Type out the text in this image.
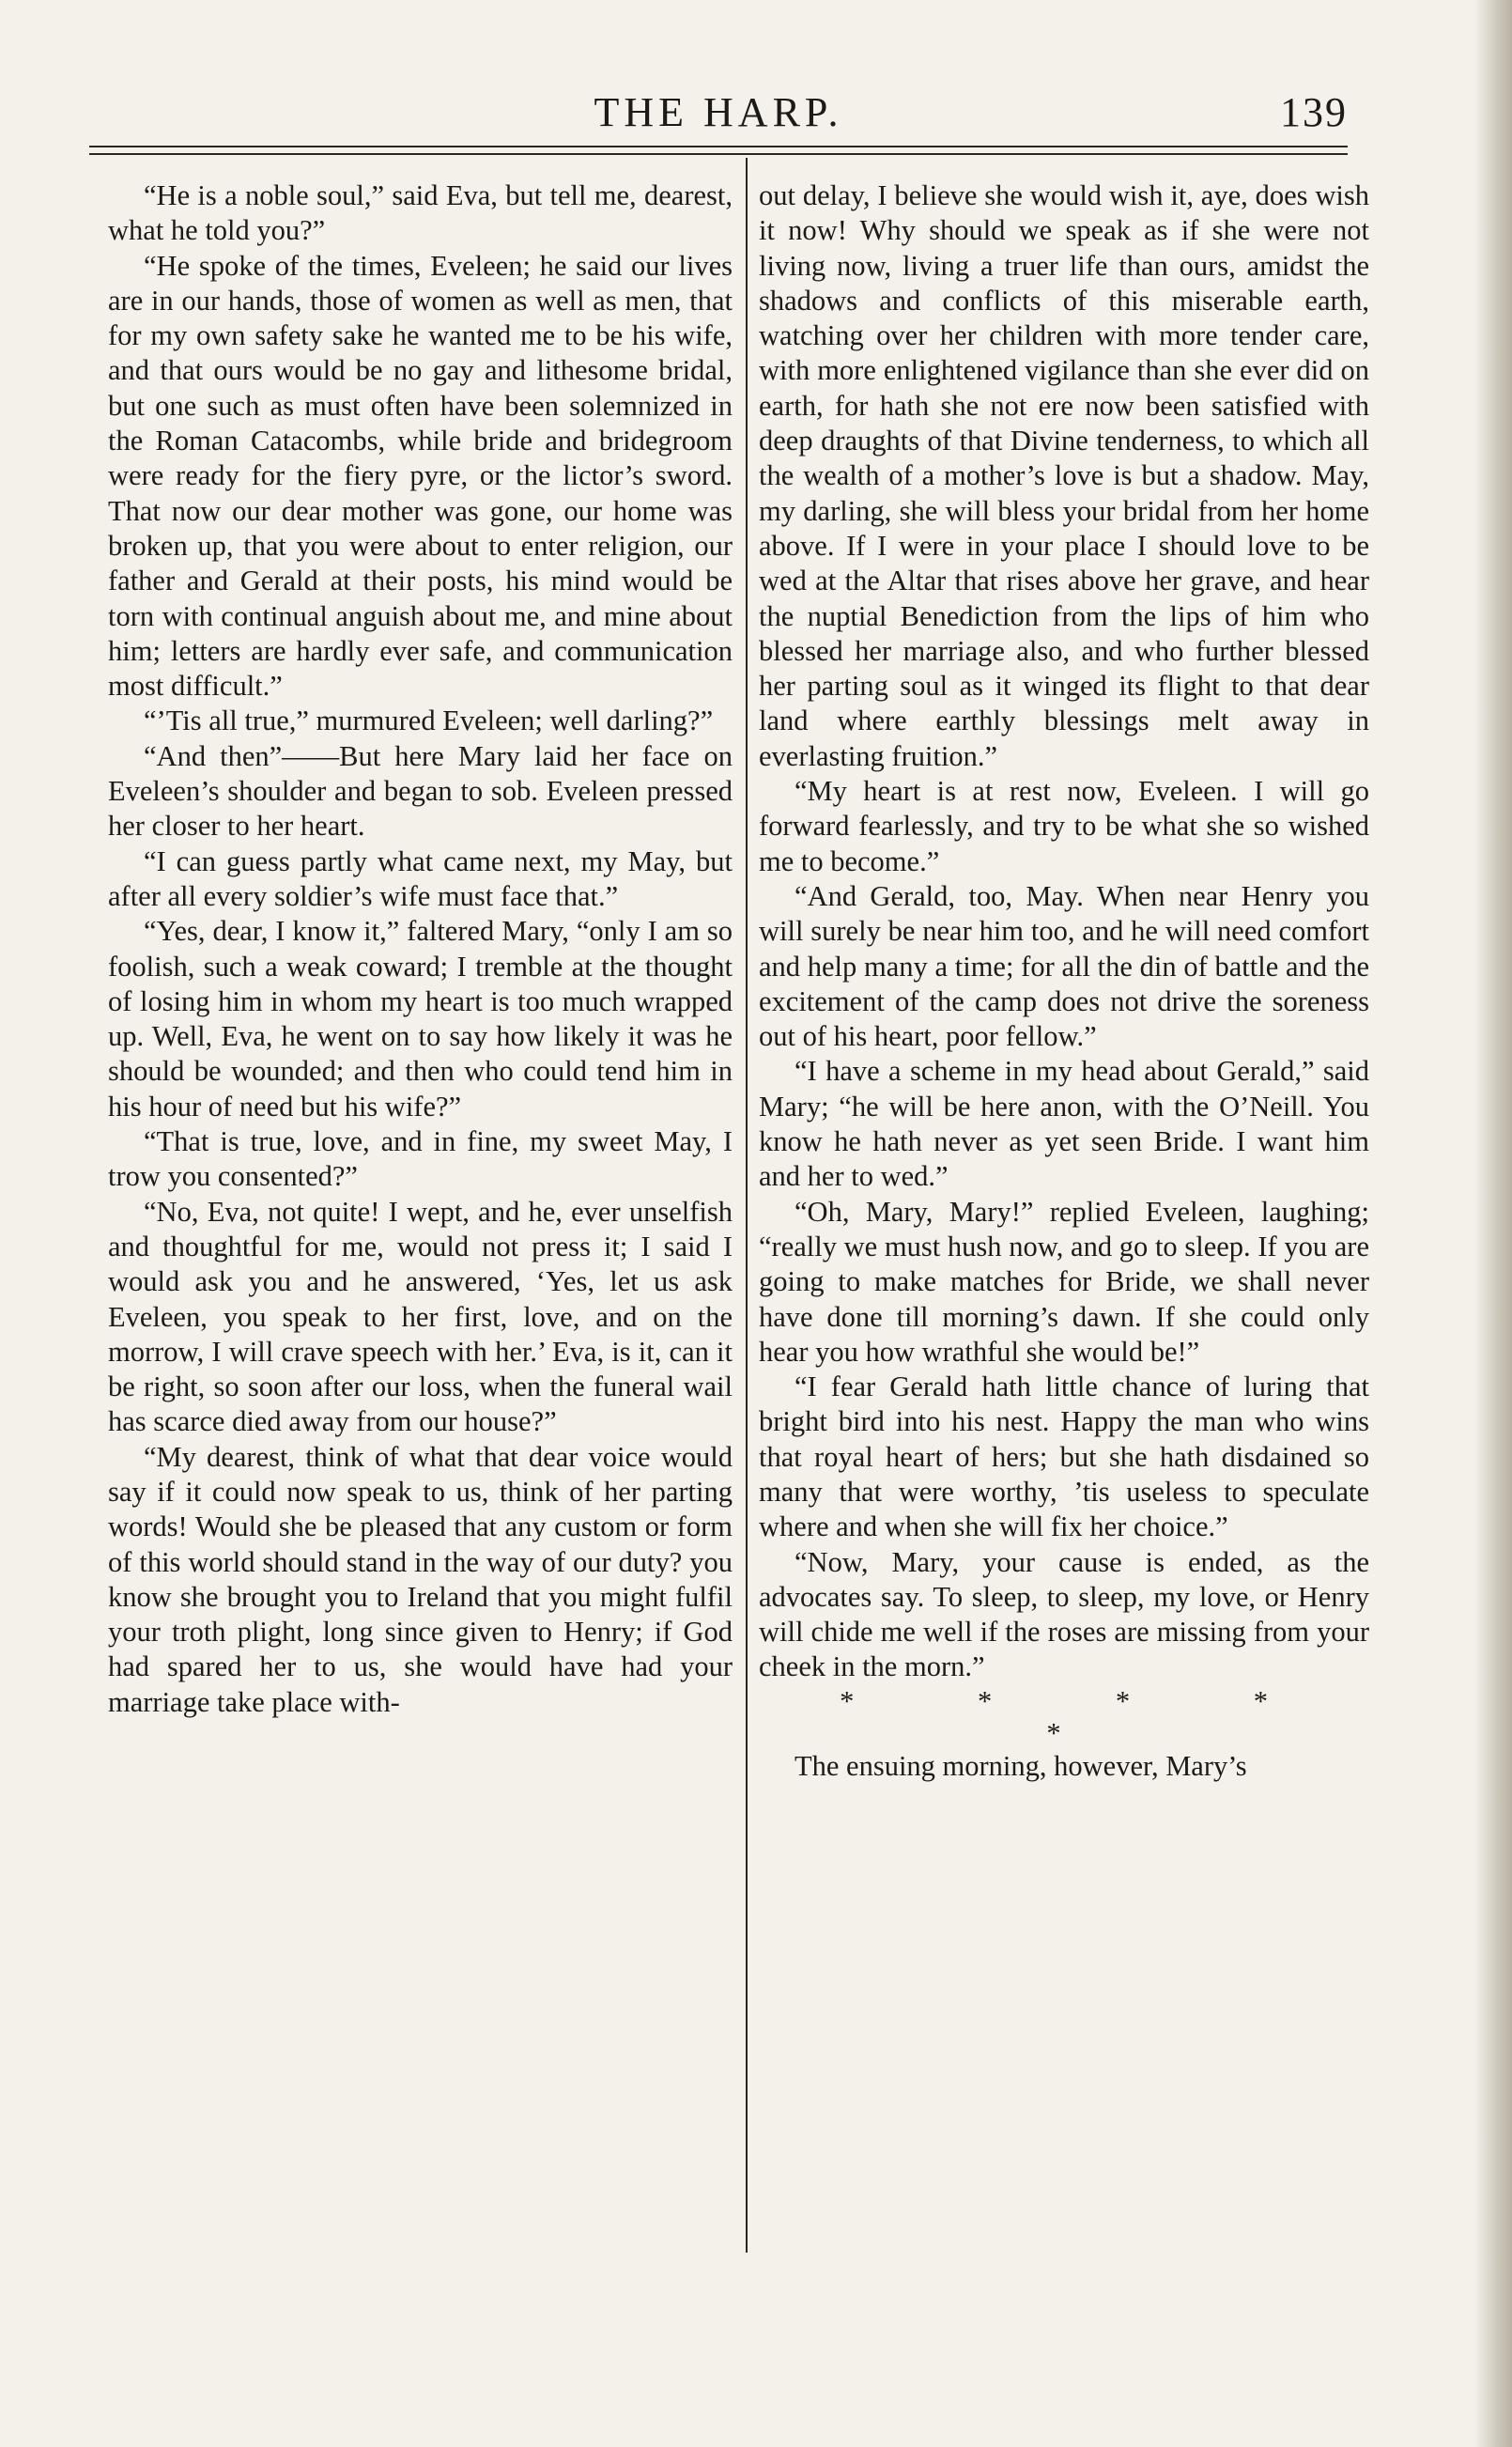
THE HARP.	139

“He is a noble soul,” said Eva, but tell me, dearest, what he told you?”

“He spoke of the times, Eveleen; he said our lives are in our hands, those of women as well as men, that for my own safety sake he wanted me to be his wife, and that ours would be no gay and lithesome bridal, but one such as must often have been solemnized in the Roman Catacombs, while bride and bridegroom were ready for the fiery pyre, or the lictor’s sword. That now our dear mother was gone, our home was broken up, that you were about to enter religion, our father and Gerald at their posts, his mind would be torn with continual anguish about me, and mine about him; letters are hardly ever safe, and communication most difficult.”

“’Tis all true,” murmured Eveleen; well darling?”

“And then”——But here Mary laid her face on Eveleen’s shoulder and began to sob. Eveleen pressed her closer to her heart.

“I can guess partly what came next, my May, but after all every soldier’s wife must face that.”

“Yes, dear, I know it,” faltered Mary, “only I am so foolish, such a weak coward; I tremble at the thought of losing him in whom my heart is too much wrapped up. Well, Eva, he went on to say how likely it was he should be wounded; and then who could tend him in his hour of need but his wife?”

“That is true, love, and in fine, my sweet May, I trow you consented?”

“No, Eva, not quite! I wept, and he, ever unselfish and thoughtful for me, would not press it; I said I would ask you and he answered, ‘Yes, let us ask Eveleen, you speak to her first, love, and on the morrow, I will crave speech with her.’ Eva, is it, can it be right, so soon after our loss, when the funeral wail has scarce died away from our house?”

“My dearest, think of what that dear voice would say if it could now speak to us, think of her parting words! Would she be pleased that any custom or form of this world should stand in the way of our duty? you know she brought you to Ireland that you might fulfil your troth plight, long since given to Henry; if God had spared her to us, she would have had your marriage take place with-

out delay, I believe she would wish it, aye, does wish it now! Why should we speak as if she were not living now, living a truer life than ours, amidst the shadows and conflicts of this miserable earth, watching over her children with more tender care, with more enlightened vigilance than she ever did on earth, for hath she not ere now been satisfied with deep draughts of that Divine tenderness, to which all the wealth of a mother’s love is but a shadow. May, my darling, she will bless your bridal from her home above. If I were in your place I should love to be wed at the Altar that rises above her grave, and hear the nuptial Benediction from the lips of him who blessed her marriage also, and who further blessed her parting soul as it winged its flight to that dear land where earthly blessings melt away in everlasting fruition.”

“My heart is at rest now, Eveleen. I will go forward fearlessly, and try to be what she so wished me to become.”

“And Gerald, too, May. When near Henry you will surely be near him too, and he will need comfort and help many a time; for all the din of battle and the excitement of the camp does not drive the soreness out of his heart, poor fellow.”

“I have a scheme in my head about Gerald,” said Mary; “he will be here anon, with the O’Neill. You know he hath never as yet seen Bride. I want him and her to wed.”

“Oh, Mary, Mary!” replied Eveleen, laughing; “really we must hush now, and go to sleep. If you are going to make matches for Bride, we shall never have done till morning’s dawn. If she could only hear you how wrathful she would be!”

“I fear Gerald hath little chance of luring that bright bird into his nest. Happy the man who wins that royal heart of hers; but she hath disdained so many that were worthy, ’tis useless to speculate where and when she will fix her choice.”

“Now, Mary, your cause is ended, as the advocates say. To sleep, to sleep, my love, or Henry will chide me well if the roses are missing from your cheek in the morn.”

* * * * *

The ensuing morning, however, Mary’s
